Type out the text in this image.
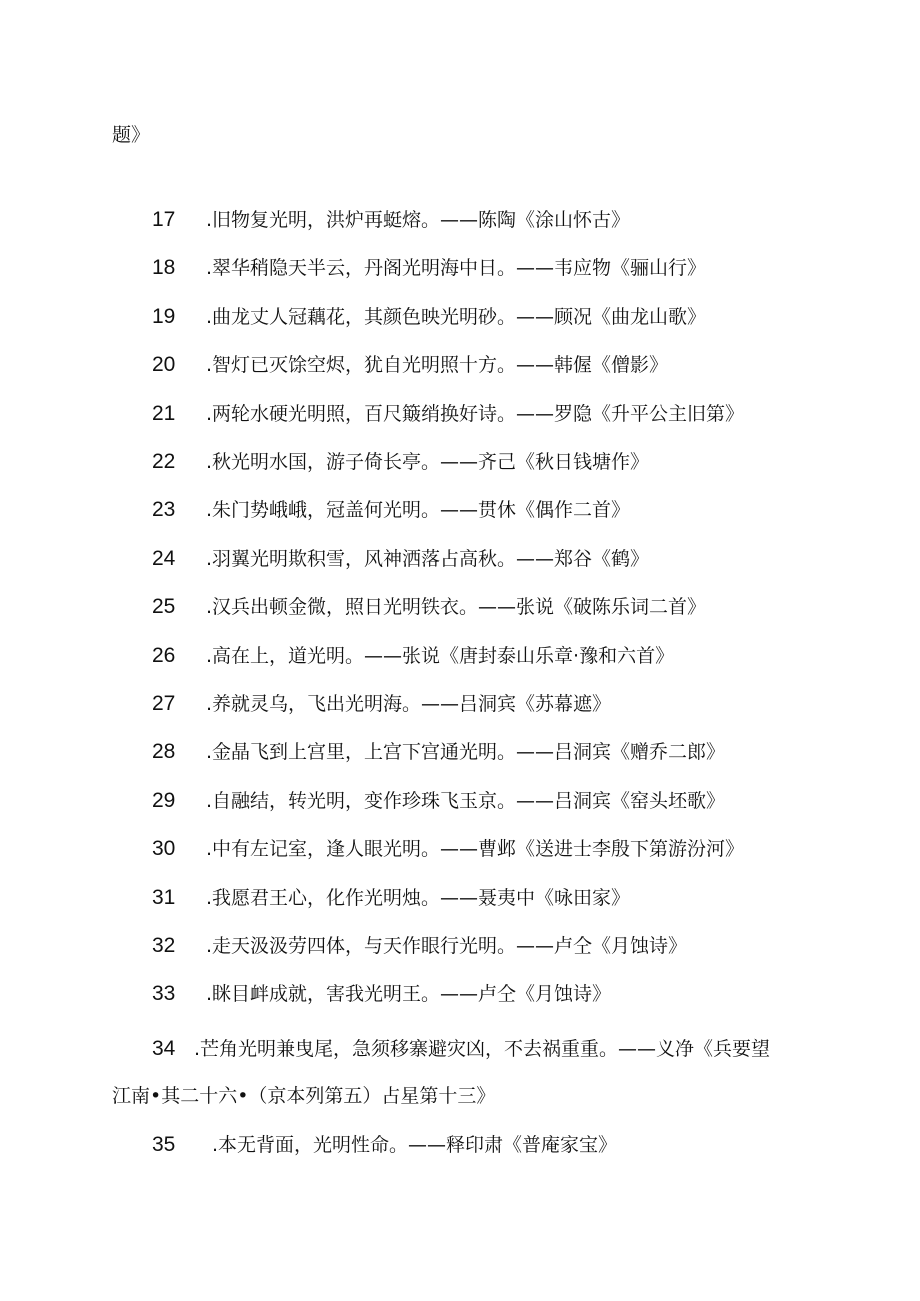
题》
17 .旧物复光明，洪炉再蜓熔。——陈陶《涂山怀古》
18 .翠华稍隐天半云，丹阁光明海中日。——韦应物《骊山行》
19 .曲龙丈人冠藕花，其颜色映光明砂。——顾况《曲龙山歌》
20 .智灯已灭馀空烬，犹自光明照十方。——韩偓《僧影》
21 .两轮水硬光明照，百尺簸绡换好诗。——罗隐《升平公主旧第》
22 .秋光明水国，游子倚长亭。——齐己《秋日钱塘作》
23 .朱门势峨峨，冠盖何光明。——贯休《偶作二首》
24 .羽翼光明欺积雪，风神洒落占高秋。——郑谷《鹤》
25 .汉兵出顿金微，照日光明铁衣。——张说《破陈乐词二首》
26 .高在上，道光明。——张说《唐封泰山乐章·豫和六首》
27 .养就灵乌，飞出光明海。——吕洞宾《苏幕遮》
28 .金晶飞到上宫里，上宫下宫通光明。——吕洞宾《赠乔二郎》
29 .自融结，转光明，变作珍珠飞玉京。——吕洞宾《窑头坯歌》
30 .中有左记室，逢人眼光明。——曹邺《送进士李殷下第游汾河》
31 .我愿君王心，化作光明烛。——聂夷中《咏田家》
32 .走天汲汲劳四体，与天作眼行光明。——卢仝《月蚀诗》
33 .眯目衅成就，害我光明王。——卢仝《月蚀诗》
34 .芒角光明兼曳尾，急须移寨避灾凶，不去祸重重。——义净《兵要望
江南•其二十六•（京本列第五）占星第十三》
35 .本无背面，光明性命。——释印肃《普庵家宝》
